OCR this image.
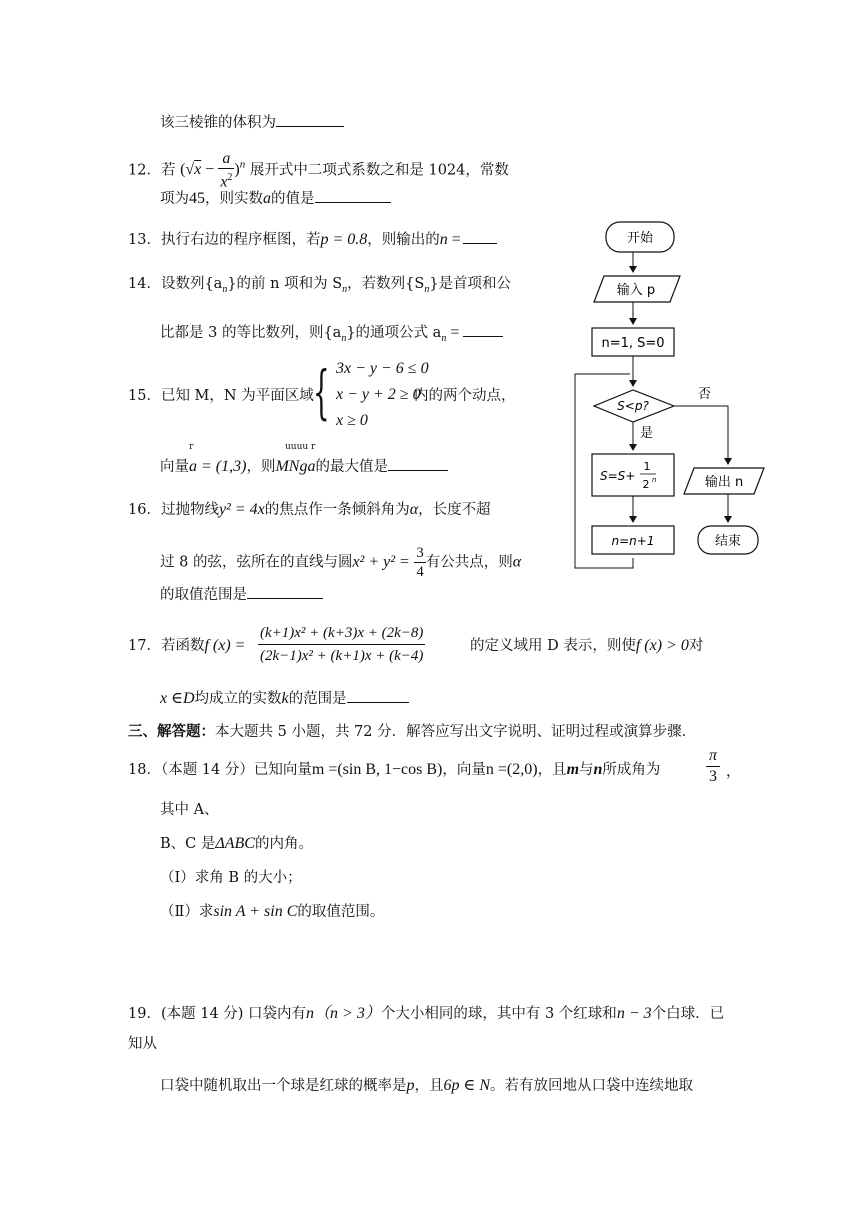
该三棱锥的体积为
12．若 $(√x - \frac{a}{x^2} )^n$ 展开式中二项式系数之和是 1024，常数
项为45，则实数a的值是
13．执行右边的程序框图，若p = 0.8，则输出的n =
14．设数列$\{a_n\}$的前 n 项和为 $S_n$，若数列$\{S_n\}$是首项和公
比都是 3 的等比数列，则$\{a_n\}$的通项公式 $a_n$ =
15．已知 M，N 为平面区域 { 3x − y − 6 ≤ 0
x − y + 2 ≥ 0
x ≥ 0
内的两个动点，
r	uuuu r
向量a = (1,3)，则MNga的最大值是
16．过抛物线y² = 4x的焦点作一条倾斜角为α，长度不超
过 8 的弦，弦所在的直线与圆$x^2 + y^2 = \frac{3}{4}$ 有公共点，则α
的取值范围是
17．若函数f $(x) = \frac{\text{(k+1)x² + (k+3)x + (2k−8)}}{\text{(2k−1)x² + (k+1)x + (k−4)}}$	的定义域用 D 表示，则使f (x) > 0对
x ∈D均成立的实数k的范围是
三、解答题：本大题共 5 小题，共 72 分．解答应写出文字说明、证明过程或演算步骤．
18．（本题 14 分）已知向量m =(sin B, 1−cos B)，向量n =(2,0)，且m与n所成角为
π
3 ，
其中 A、
B、C 是ΔABC的内角。
（Ⅰ）求角 B 的大小；
（Ⅱ）求sin A + sin C的取值范围。
19．(本题 14 分) 口袋内有n（n > 3）个大小相同的球，其中有 3 个红球和n − 3个白球．已
知从
口袋中随机取出一个球是红球的概率是p，且6p ∈ N。若有放回地从口袋中连续地取
开始
输入 p
n=1, S=0
S<p?
否
是
S=S+
1
2 n
n=n+1
输出 n
结束
